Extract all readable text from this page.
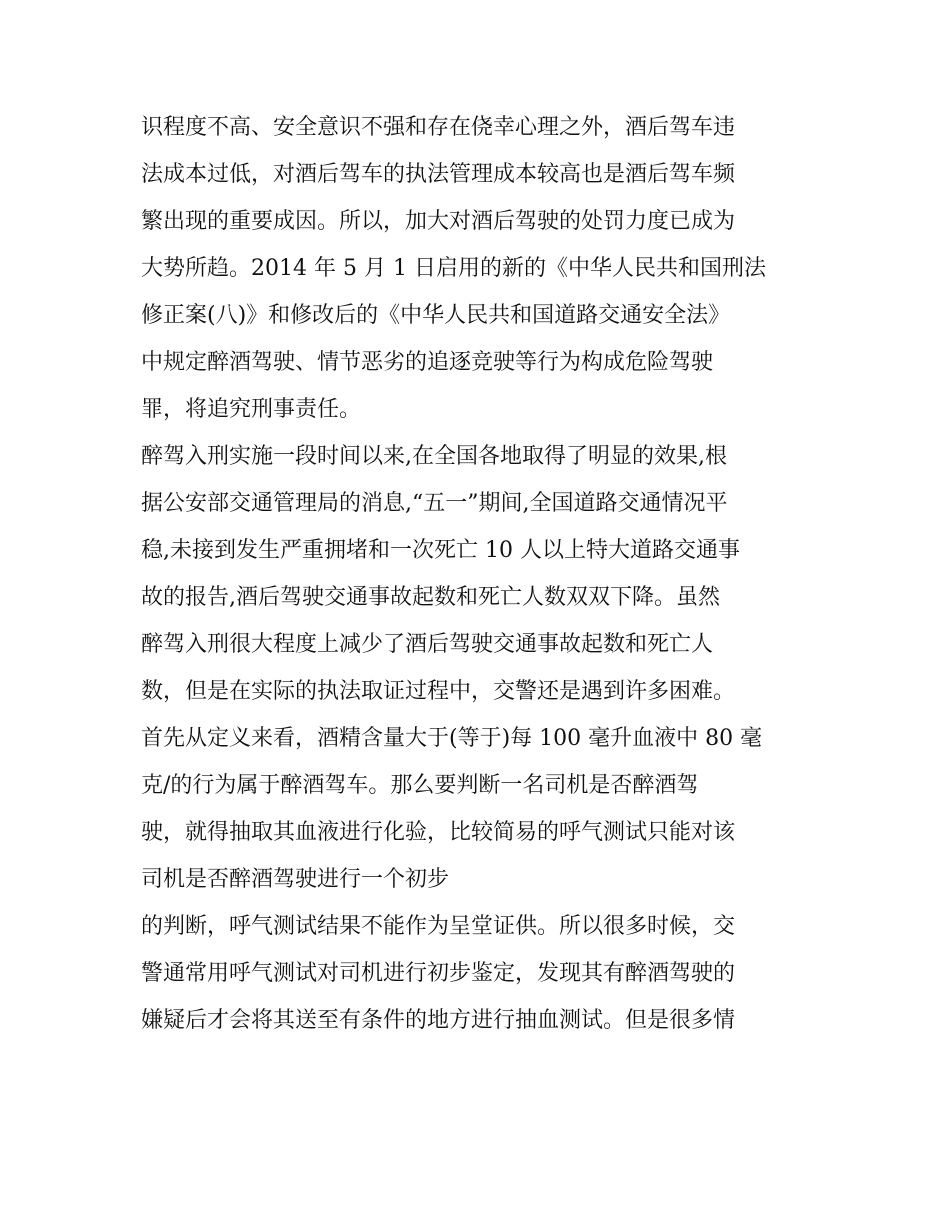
识程度不高、安全意识不强和存在侥幸心理之外，酒后驾车违
法成本过低，对酒后驾车的执法管理成本较高也是酒后驾车频
繁出现的重要成因。所以，加大对酒后驾驶的处罚力度已成为
大势所趋。2014 年 5 月 1 日启用的新的《中华人民共和国刑法
修正案(八)》和修改后的《中华人民共和国道路交通安全法》
中规定醉酒驾驶、情节恶劣的追逐竞驶等行为构成危险驾驶
罪，将追究刑事责任。
醉驾入刑实施一段时间以来,在全国各地取得了明显的效果,根
据公安部交通管理局的消息,“五一”期间,全国道路交通情况平
稳,未接到发生严重拥堵和一次死亡 10 人以上特大道路交通事
故的报告,酒后驾驶交通事故起数和死亡人数双双下降。虽然
醉驾入刑很大程度上减少了酒后驾驶交通事故起数和死亡人
数，但是在实际的执法取证过程中，交警还是遇到许多困难。
首先从定义来看，酒精含量大于(等于)每 100 毫升血液中 80 毫
克/的行为属于醉酒驾车。那么要判断一名司机是否醉酒驾
驶，就得抽取其血液进行化验，比较简易的呼气测试只能对该
司机是否醉酒驾驶进行一个初步
的判断，呼气测试结果不能作为呈堂证供。所以很多时候，交
警通常用呼气测试对司机进行初步鉴定，发现其有醉酒驾驶的
嫌疑后才会将其送至有条件的地方进行抽血测试。但是很多情
